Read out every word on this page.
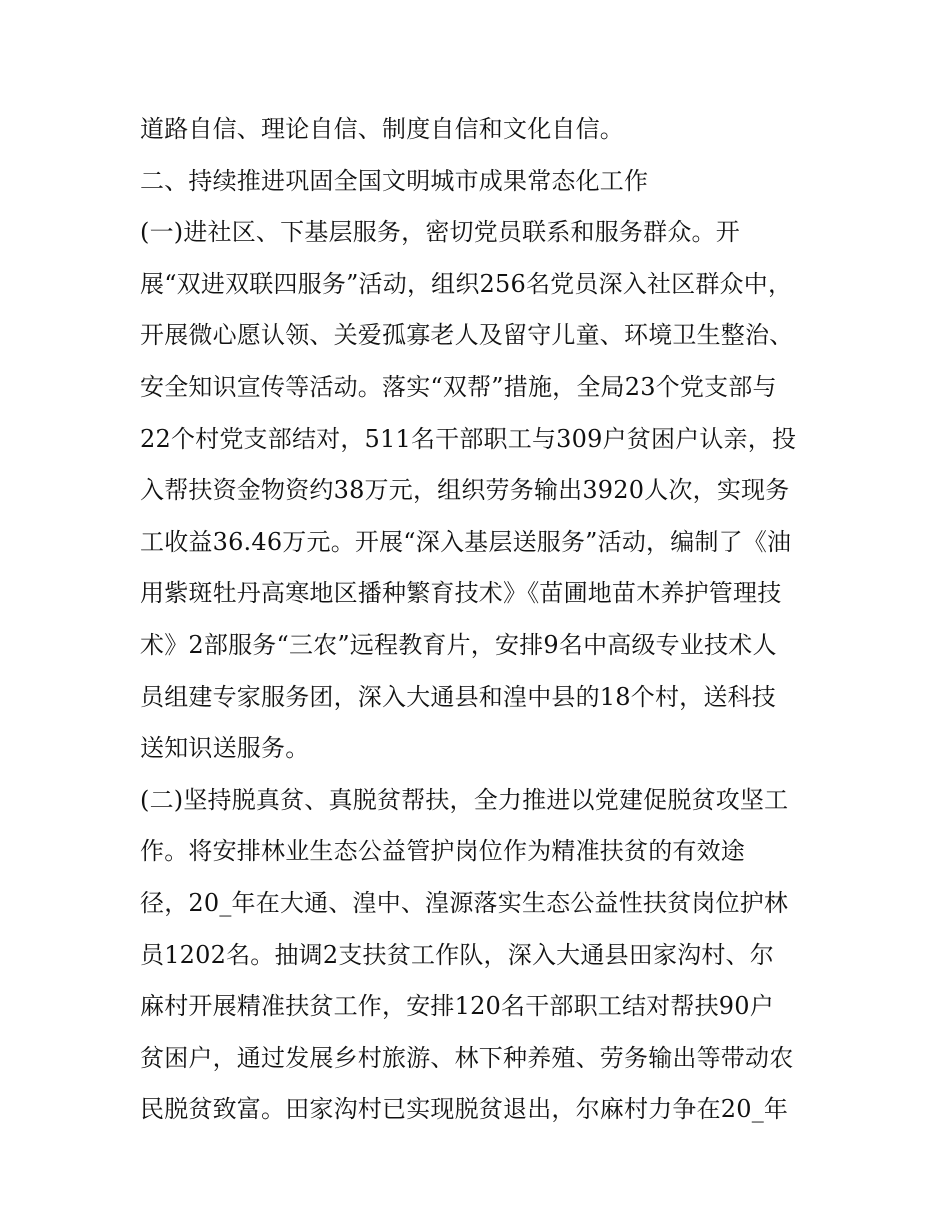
道路自信、理论自信、制度自信和文化自信。
二、持续推进巩固全国文明城市成果常态化工作
(一)进社区、下基层服务，密切党员联系和服务群众。开
展“双进双联四服务”活动，组织256名党员深入社区群众中，
开展微心愿认领、关爱孤寡老人及留守儿童、环境卫生整治、
安全知识宣传等活动。落实“双帮”措施，全局23个党支部与
22个村党支部结对，511名干部职工与309户贫困户认亲，投
入帮扶资金物资约38万元，组织劳务输出3920人次，实现务
工收益36.46万元。开展“深入基层送服务”活动，编制了《油
用紫斑牡丹高寒地区播种繁育技术》《苗圃地苗木养护管理技
术》2部服务“三农”远程教育片，安排9名中高级专业技术人
员组建专家服务团，深入大通县和湟中县的18个村，送科技
送知识送服务。
(二)坚持脱真贫、真脱贫帮扶，全力推进以党建促脱贫攻坚工
作。将安排林业生态公益管护岗位作为精准扶贫的有效途
径，20_年在大通、湟中、湟源落实生态公益性扶贫岗位护林
员1202名。抽调2支扶贫工作队，深入大通县田家沟村、尔
麻村开展精准扶贫工作，安排120名干部职工结对帮扶90户
贫困户，通过发展乡村旅游、林下种养殖、劳务输出等带动农
民脱贫致富。田家沟村已实现脱贫退出，尔麻村力争在20_年
